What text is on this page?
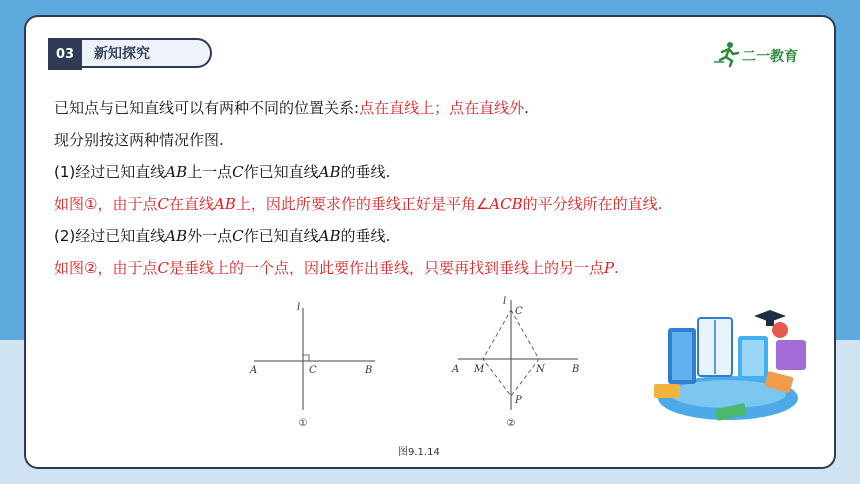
03	新知探究	二一教育
已知点与已知直线可以有两种不同的位置关系:点在直线上；点在直线外.
现分别按这两种情况作图.
(1)经过已知直线AB上一点C作已知直线AB的垂线.
如图①，由于点C在直线AB上，因此所要求作的垂线正好是平角∠ACB的平分线所在的直线.
(2)经过已知直线AB外一点C作已知直线AB的垂线.
如图②，由于点C是垂线上的一个点，因此要作出垂线，只要再找到垂线上的另一点P.
l
A	C	B
①
l
C
A M	N	B
P
②
图9.1.14
